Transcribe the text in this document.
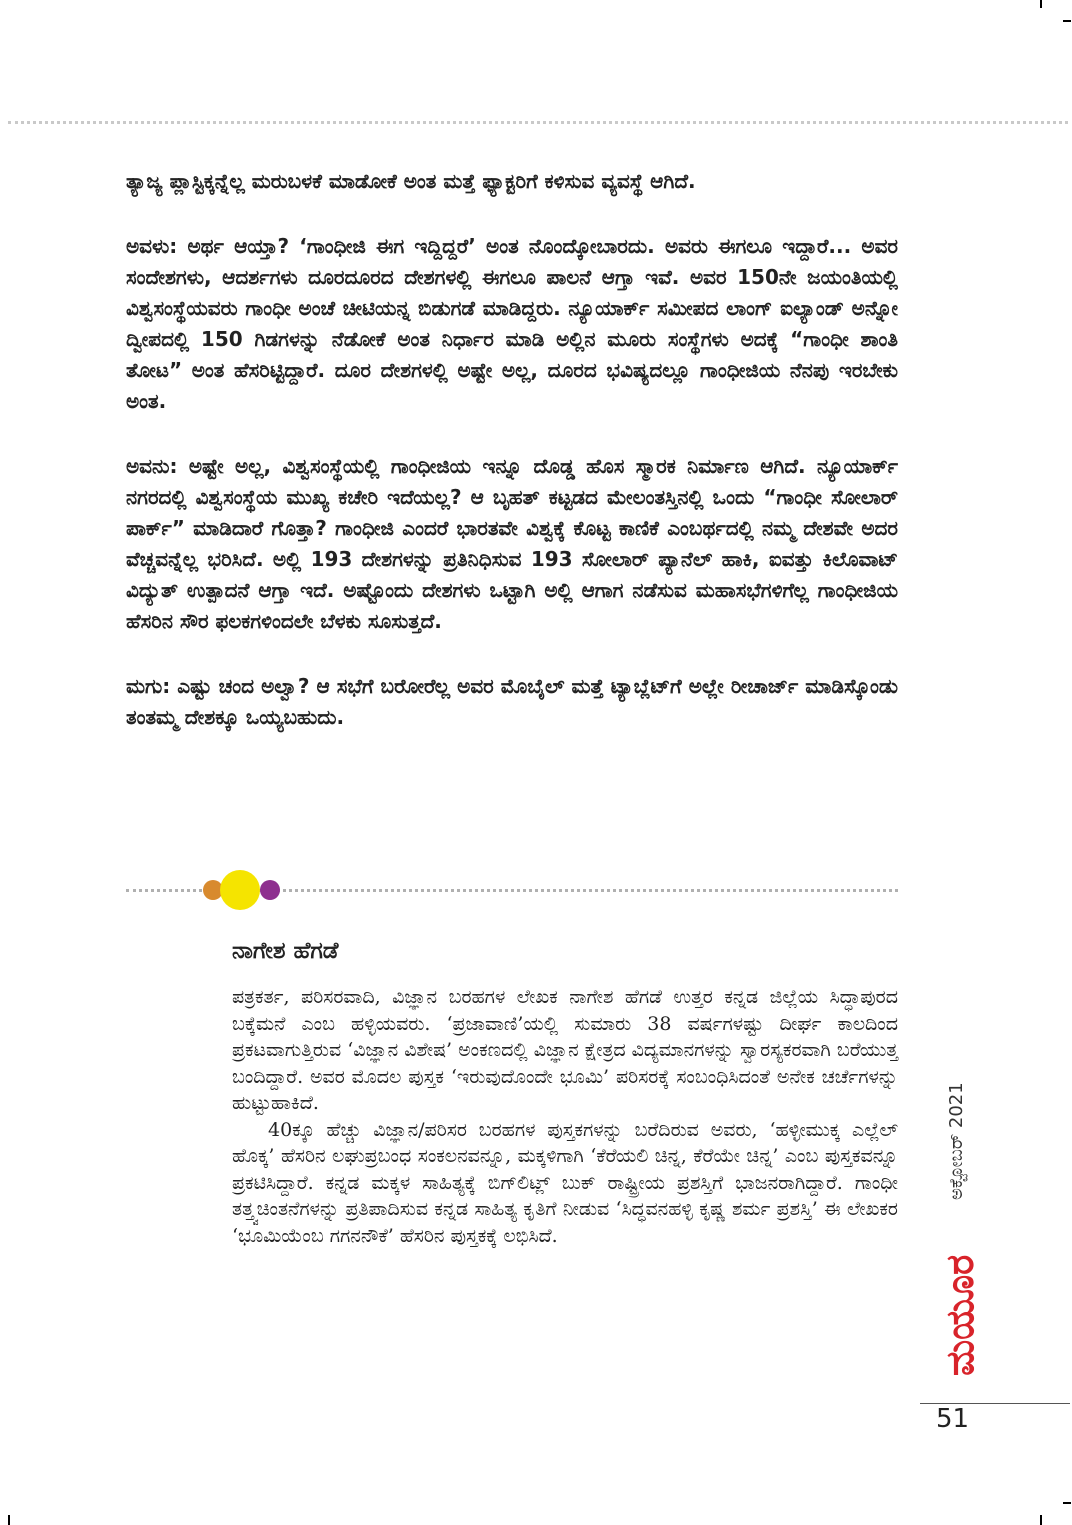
ತ್ಯಾಜ್ಯ ಪ್ಲಾಸ್ಟಿಕ್ಕನ್ನೆಲ್ಲ ಮರುಬಳಕೆ ಮಾಡೋಕೆ ಅಂತ ಮತ್ತೆ ಫ್ಯಾಕ್ಟರಿಗೆ ಕಳಿಸುವ ವ್ಯವಸ್ಥೆ ಆಗಿದೆ.

ಅವಳು: ಅರ್ಥ ಆಯ್ತಾ? ‘ಗಾಂಧೀಜಿ ಈಗ ಇದ್ದಿದ್ದರೆ’ ಅಂತ ನೊಂದ್ಕೋಬಾರದು. ಅವರು ಈಗಲೂ ಇದ್ದಾರೆ... ಅವರ ಸಂದೇಶಗಳು, ಆದರ್ಶಗಳು ದೂರದೂರದ ದೇಶಗಳಲ್ಲಿ ಈಗಲೂ ಪಾಲನೆ ಆಗ್ತಾ ಇವೆ. ಅವರ 150ನೇ ಜಯಂತಿಯಲ್ಲಿ ವಿಶ್ವಸಂಸ್ಥೆಯವರು ಗಾಂಧೀ ಅಂಚೆ ಚೀಟಿಯನ್ನ ಬಿಡುಗಡೆ ಮಾಡಿದ್ದರು. ನ್ಯೂಯಾರ್ಕ್ ಸಮೀಪದ ಲಾಂಗ್ ಐಲ್ಯಾಂಡ್ ಅನ್ನೋ ದ್ವೀಪದಲ್ಲಿ 150 ಗಿಡಗಳನ್ನು ನೆಡೋಕೆ ಅಂತ ನಿರ್ಧಾರ ಮಾಡಿ ಅಲ್ಲಿನ ಮೂರು ಸಂಸ್ಥೆಗಳು ಅದಕ್ಕೆ “ಗಾಂಧೀ ಶಾಂತಿ ತೋಟ” ಅಂತ ಹೆಸರಿಟ್ಟಿದ್ದಾರೆ. ದೂರ ದೇಶಗಳಲ್ಲಿ ಅಷ್ಟೇ ಅಲ್ಲ, ದೂರದ ಭವಿಷ್ಯದಲ್ಲೂ ಗಾಂಧೀಜಿಯ ನೆನಪು ಇರಬೇಕು ಅಂತ.

ಅವನು: ಅಷ್ಟೇ ಅಲ್ಲ, ವಿಶ್ವಸಂಸ್ಥೆಯಲ್ಲಿ ಗಾಂಧೀಜಿಯ ಇನ್ನೂ ದೊಡ್ಡ ಹೊಸ ಸ್ಮಾರಕ ನಿರ್ಮಾಣ ಆಗಿದೆ. ನ್ಯೂಯಾರ್ಕ್ ನಗರದಲ್ಲಿ ವಿಶ್ವಸಂಸ್ಥೆಯ ಮುಖ್ಯ ಕಚೇರಿ ಇದೆಯಲ್ಲ? ಆ ಬೃಹತ್ ಕಟ್ಟಡದ ಮೇಲಂತಸ್ತಿನಲ್ಲಿ ಒಂದು “ಗಾಂಧೀ ಸೋಲಾರ್ ಪಾರ್ಕ್” ಮಾಡಿದಾರೆ ಗೊತ್ತಾ? ಗಾಂಧೀಜಿ ಎಂದರೆ ಭಾರತವೇ ವಿಶ್ವಕ್ಕೆ ಕೊಟ್ಟ ಕಾಣಿಕೆ ಎಂಬರ್ಥದಲ್ಲಿ ನಮ್ಮ ದೇಶವೇ ಅದರ ವೆಚ್ಚವನ್ನೆಲ್ಲ ಭರಿಸಿದೆ. ಅಲ್ಲಿ 193 ದೇಶಗಳನ್ನು ಪ್ರತಿನಿಧಿಸುವ 193 ಸೋಲಾರ್ ಪ್ಯಾನೆಲ್ ಹಾಕಿ, ಐವತ್ತು ಕಿಲೊವಾಟ್ ವಿದ್ಯುತ್ ಉತ್ಪಾದನೆ ಆಗ್ತಾ ಇದೆ. ಅಷ್ಟೊಂದು ದೇಶಗಳು ಒಟ್ಟಾಗಿ ಅಲ್ಲಿ ಆಗಾಗ ನಡೆಸುವ ಮಹಾಸಭೆಗಳಿಗೆಲ್ಲ ಗಾಂಧೀಜಿಯ ಹೆಸರಿನ ಸೌರ ಫಲಕಗಳಿಂದಲೇ ಬೆಳಕು ಸೂಸುತ್ತದೆ.

ಮಗು: ಎಷ್ಟು ಚಂದ ಅಲ್ವಾ? ಆ ಸಭೆಗೆ ಬರೋರೆಲ್ಲ ಅವರ ಮೊಬೈಲ್ ಮತ್ತೆ ಟ್ಯಾಬ್ಲೆಟ್‌ಗೆ ಅಲ್ಲೇ ರೀಚಾರ್ಜ್ ಮಾಡಿಸ್ಕೊಂಡು ತಂತಮ್ಮ ದೇಶಕ್ಕೂ ಒಯ್ಯಬಹುದು.

ನಾಗೇಶ ಹೆಗಡೆ

ಪತ್ರಕರ್ತ, ಪರಿಸರವಾದಿ, ವಿಜ್ಞಾನ ಬರಹಗಳ ಲೇಖಕ ನಾಗೇಶ ಹೆಗಡೆ ಉತ್ತರ ಕನ್ನಡ ಜಿಲ್ಲೆಯ ಸಿದ್ಧಾಪುರದ ಬಕ್ಕೆಮನೆ ಎಂಬ ಹಳ್ಳಿಯವರು. ‘ಪ್ರಜಾವಾಣಿ’ಯಲ್ಲಿ ಸುಮಾರು 38 ವರ್ಷಗಳಷ್ಟು ದೀರ್ಘ ಕಾಲದಿಂದ ಪ್ರಕಟವಾಗುತ್ತಿರುವ ‘ವಿಜ್ಞಾನ ವಿಶೇಷ’ ಅಂಕಣದಲ್ಲಿ ವಿಜ್ಞಾನ ಕ್ಷೇತ್ರದ ವಿದ್ಯಮಾನಗಳನ್ನು ಸ್ವಾರಸ್ಯಕರವಾಗಿ ಬರೆಯುತ್ತ ಬಂದಿದ್ದಾರೆ. ಅವರ ಮೊದಲ ಪುಸ್ತಕ ‘ಇರುವುದೊಂದೇ ಭೂಮಿ’ ಪರಿಸರಕ್ಕೆ ಸಂಬಂಧಿಸಿದಂತೆ ಅನೇಕ ಚರ್ಚೆಗಳನ್ನು ಹುಟ್ಟುಹಾಕಿದೆ.

40ಕ್ಕೂ ಹೆಚ್ಚು ವಿಜ್ಞಾನ/ಪರಿಸರ ಬರಹಗಳ ಪುಸ್ತಕಗಳನ್ನು ಬರೆದಿರುವ ಅವರು, ‘ಹಳ್ಳೀಮುಕ್ಕ ಎಲ್ಲೆಲ್ ಹೊಕ್ಕ’ ಹೆಸರಿನ ಲಘುಪ್ರಬಂಧ ಸಂಕಲನವನ್ನೂ, ಮಕ್ಕಳಿಗಾಗಿ ‘ಕೆರೆಯಲಿ ಚಿನ್ನ, ಕೆರೆಯೇ ಚಿನ್ನ’ ಎಂಬ ಪುಸ್ತಕವನ್ನೂ ಪ್ರಕಟಿಸಿದ್ದಾರೆ. ಕನ್ನಡ ಮಕ್ಕಳ ಸಾಹಿತ್ಯಕ್ಕೆ ಬಿಗ್‌ಲಿಟ್ಲ್ ಬುಕ್ ರಾಷ್ಟ್ರೀಯ ಪ್ರಶಸ್ತಿಗೆ ಭಾಜನರಾಗಿದ್ದಾರೆ. ಗಾಂಧೀ ತತ್ತ್ವಚಿಂತನೆಗಳನ್ನು ಪ್ರತಿಪಾದಿಸುವ ಕನ್ನಡ ಸಾಹಿತ್ಯ ಕೃತಿಗೆ ನೀಡುವ ‘ಸಿದ್ಧವನಹಳ್ಳಿ ಕೃಷ್ಣ ಶರ್ಮ ಪ್ರಶಸ್ತಿ’ ಈ ಲೇಖಕರ ‘ಭೂಮಿಯೆಂಬ ಗಗನನೌಕೆ’ ಹೆಸರಿನ ಪುಸ್ತಕಕ್ಕೆ ಲಭಿಸಿದೆ.

ಅಕ್ಟೋಬರ್ 2021
ಮಯೂರ
51
